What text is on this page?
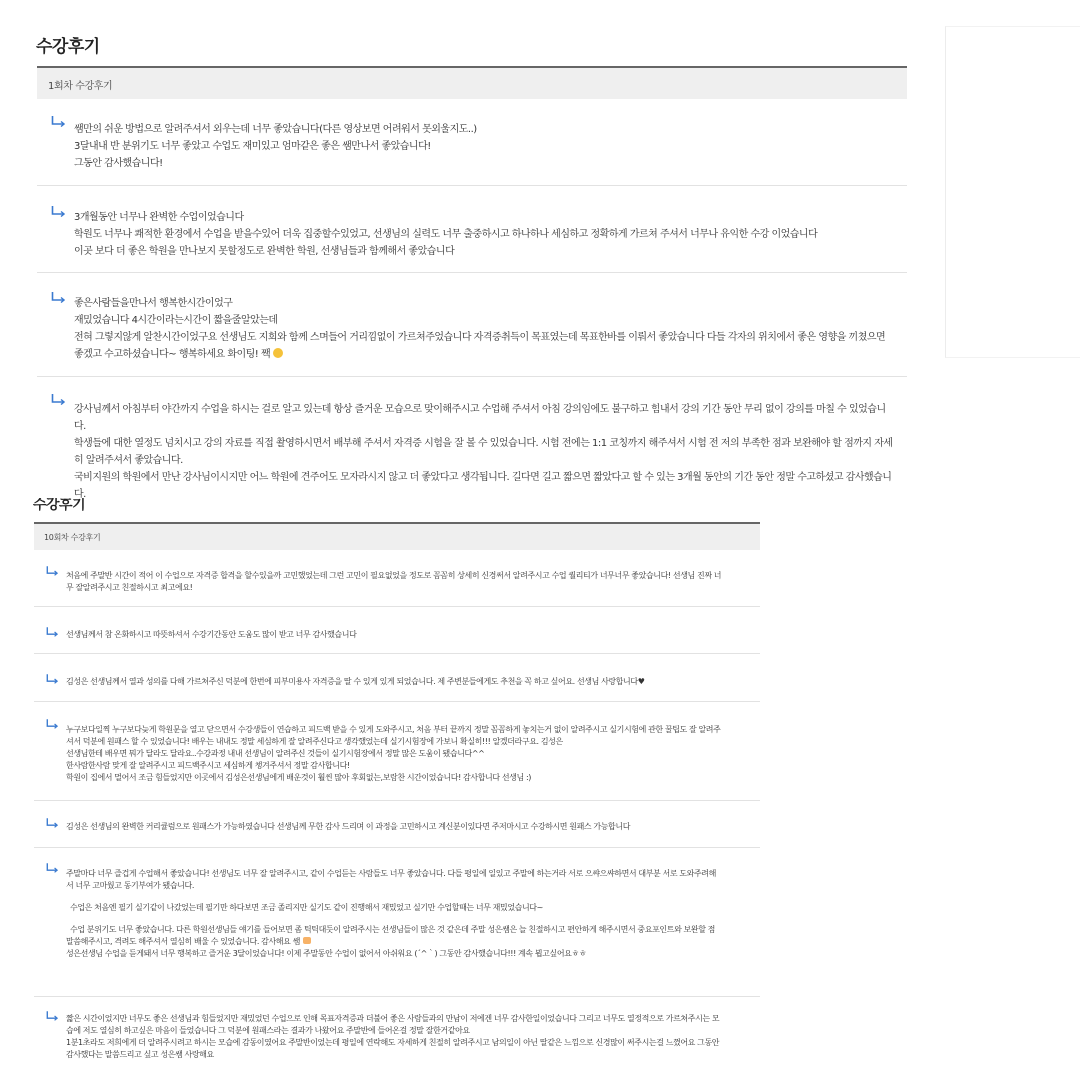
수강후기
1회차 수강후기
쌤만의 쉬운 방법으로 알려주셔서 외우는데 너무 좋았습니다(다른 영상보면 어려워서 못외울지도..)
3달내내 반 분위기도 너무 좋았고 수업도 재미있고 엄마같은 좋은 쌤만나서 좋았습니다!
그동안 감사했습니다!
3개월동안 너무나 완벽한 수업이었습니다
학원도 너무나 쾌적한 환경에서 수업을 받을수있어 더욱 집중할수있었고, 선생님의 실력도 너무 출중하시고 하나하나 세심하고 정확하게 가르쳐 주셔서 너무나 유익한 수강 이었습니다
이곳 보다 더 좋은 학원을 만나보지 못할정도로 완벽한 학원, 선생님들과 함께해서 좋았습니다
좋은사람들을만나서 행복한시간이었구
재밌었습니다 4시간이라는시간이 짧을줄알았는데
전혀 그렇지않게 알찬시간이었구요 선생님도 지희와 함께 스며들어 거리낌없이 가르쳐주었습니다 자격증취득이 목표였는데 목표한바를 이뤄서 좋았습니다 다들 각자의 위치에서 좋은 영향을 끼쳤으면
좋겠고 수고하셨습니다~ 행복하세요 화이팅! 짹
강사님께서 아침부터 야간까지 수업을 하시는 걸로 알고 있는데 항상 즐거운 모습으로 맞이해주시고 수업해 주셔서 아침 강의임에도 불구하고 힘내서 강의 기간 동안 무리 없이 강의를 마칠 수 있었습니
다.
학생들에 대한 열정도 넘치시고 강의 자료를 직접 촬영하시면서 배부해 주셔서 자격증 시험을 잘 볼 수 있었습니다. 시험 전에는 1:1 코칭까지 해주셔서 시험 전 저의 부족한 점과 보완해야 할 점까지 자세
히 알려주셔서 좋았습니다.
국비지원의 학원에서 만난 강사님이시지만 어느 학원에 견주어도 모자라시지 않고 더 좋았다고 생각됩니다. 길다면 길고 짧으면 짧았다고 할 수 있는 3개월 동안의 기간 동안 정말 수고하셨고 감사했습니
다.
수강후기
10회차 수강후기
처음에 주말반 시간이 적어 이 수업으로 자격증 합격을 할수있을까 고민했었는데 그런 고민이 필요없었을 정도로 꼼꼼히 상세히 신경써서 알려주시고 수업 퀄리티가 너무너무 좋았습니다! 선생님 진짜 너
무 잘알려주시고 친절하시고 최고에요!
선생님께서 참 온화하시고 따뜻하셔서 수강기간동안 도움도 많이 받고 너무 감사했습니다
김성은 선생님께서 열과 성의를 다해 가르쳐주신 덕분에 한번에 피부미용사 자격증을 딸 수 있게 있게 되었습니다. 제 주변분들에게도 추천을 꼭 하고 싶어요. 선생님 사랑합니다♥
누구보다일찍 누구보다늦게 학원문을 열고 닫으면서 수강생들이 연습하고 피드백 받을 수 있게 도와주시고, 처음 부터 끝까지 정말 꼼꼼하게 놓치는거 없이 알려주시고 실기시험에 관한 꿀팁도 잘 알려주
셔서 덕분에 원패스 할 수 있었습니다! 배우는 내내도 정말 세심하게 잘 알려주신다고 생각했었는데 실기시험장에 가보니 확실히!!! 알겠더라구요. 김성은
선생님한테 배우면 뭐가 달라도 달라요..수강과정 내내 선생님이 알려주신 것들이 실기시험장에서 정말 많은 도움이 됐습니다^^
한사람한사람 맞게 잘 알려주시고 피드백주시고 세심하게 챙겨주셔서 정말 감사합니다!
학원이 집에서 멀어서 조금 힘들었지만 이곳에서 김성은선생님에게 배운것이 훨씬 많아 후회없는,보람찬 시간이었습니다! 감사합니다 선생님 :)
김성은 선생님의 완벽한 커리큘럼으로 원패스가 가능하였습니다 선생님께 무한 감사 드리며 이 과정을 고민하시고 계신분이있다면 주저마시고 수강하시면 원패스 가능합니다
주말마다 너무 즐겁게 수업해서 좋았습니다! 선생님도 너무 잘 알려주시고, 같이 수업듣는 사람들도 너무 좋았습니다. 다들 평일에 일있고 주말에 하는거라 서로 으쌰으쌰하면서 대부분 서로 도와주려해
서 너무 고마웠고 동기부여가 됐습니다.
수업은 처음엔 필기 실기같이 나갔었는데 필기만 하다보면 조금 졸리지만 실기도 같이 진행해서 재밌었고 실기만 수업할때는 너무 재밌었습니다~
수업 분위기도 너무 좋았습니다. 다른 학원선생님들 얘기를 들어보면 좀 틱틱대듯이 알려주시는 선생님들이 많은 것 같은데 주말 성은쌤은 늘 친절하시고 편안하게 해주시면서 중요포인트와 보완할 점
말씀해주시고, 격려도 해주셔서 열심히 배울 수 있었습니다. 감사해요 쌤
성은선생님 수업을 듣게돼서 너무 행복하고 즐거운 3달이었습니다! 이제 주말동안 수업이 없어서 아쉬워요 (´^｀) 그동안 감사했습니다!!! 계속 뵙고싶어요ㅎㅎ
짧은 시간이었지만 너무도 좋은 선생님과 힘들었지만 재밌었던 수업으로 인해 목표자격증과 더불어 좋은 사람들과의 만남이 저에겐 너무 감사한일이었습니다 그리고 너무도 열정적으로 가르쳐주시는 모
습에 저도 열심히 하고싶은 마음이 들었습니다 그 덕분에 원패스라는 결과가 나왔어요 주말반에 들어온걸 정말 잘한거같아요
1분1초라도 저희에게 더 알려주시려고 하시는 모습에 감동이였어요 주말반이었는데 평일에 연락해도 자세하게 친절히 알려주시고 남의일이 아닌 딸같은 느낌으로 신경많이 써주시는걸 느꼈어요 그동안
감사했다는 말씀드리고 싶고 성은쌤 사랑해요
